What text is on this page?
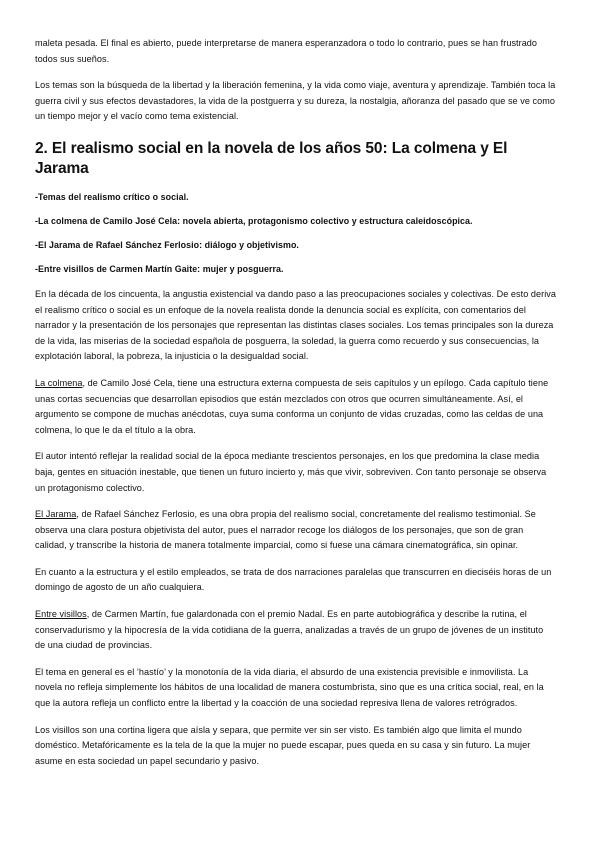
maleta pesada. El final es abierto, puede interpretarse de manera esperanzadora o todo lo contrario, pues se han frustrado todos sus sueños.

Los temas son la búsqueda de la libertad y la liberación femenina, y la vida como viaje, aventura y aprendizaje. También toca la guerra civil y sus efectos devastadores, la vida de la postguerra y su dureza, la nostalgia, añoranza del pasado que se ve como un tiempo mejor y el vacío como tema existencial.

2. El realismo social en la novela de los años 50: La colmena y El Jarama

-Temas del realismo crítico o social.

-La colmena de Camilo José Cela: novela abierta, protagonismo colectivo y estructura caleidoscópica.

-El Jarama de Rafael Sánchez Ferlosio: diálogo y objetivismo.

-Entre visillos de Carmen Martín Gaite: mujer y posguerra.

En la década de los cincuenta, la angustia existencial va dando paso a las preocupaciones sociales y colectivas. De esto deriva el realismo crítico o social es un enfoque de la novela realista donde la denuncia social es explícita, con comentarios del narrador y la presentación de los personajes que representan las distintas clases sociales. Los temas principales son la dureza de la vida, las miserias de la sociedad española de posguerra, la soledad, la guerra como recuerdo y sus consecuencias, la explotación laboral, la pobreza, la injusticia o la desigualdad social.

La colmena, de Camilo José Cela, tiene una estructura externa compuesta de seis capítulos y un epílogo. Cada capítulo tiene unas cortas secuencias que desarrollan episodios que están mezclados con otros que ocurren simultáneamente. Así, el argumento se compone de muchas anécdotas, cuya suma conforma un conjunto de vidas cruzadas, como las celdas de una colmena, lo que le da el título a la obra.

El autor intentó reflejar la realidad social de la época mediante trescientos personajes, en los que predomina la clase media baja, gentes en situación inestable, que tienen un futuro incierto y, más que vivir, sobreviven. Con tanto personaje se observa un protagonismo colectivo.

El Jarama, de Rafael Sánchez Ferlosio, es una obra propia del realismo social, concretamente del realismo testimonial. Se observa una clara postura objetivista del autor, pues el narrador recoge los diálogos de los personajes, que son de gran calidad, y transcribe la historia de manera totalmente imparcial, como si fuese una cámara cinematográfica, sin opinar.

En cuanto a la estructura y el estilo empleados, se trata de dos narraciones paralelas que transcurren en dieciséis horas de un domingo de agosto de un año cualquiera.

Entre visillos, de Carmen Martín, fue galardonada con el premio Nadal. Es en parte autobiográfica y describe la rutina, el conservadurismo y la hipocresía de la vida cotidiana de la guerra, analizadas a través de un grupo de jóvenes de un instituto de una ciudad de provincias.

El tema en general es el ‘hastío’ y la monotonía de la vida diaria, el absurdo de una existencia previsible e inmovilista. La novela no refleja simplemente los hábitos de una localidad de manera costumbrista, sino que es una crítica social, real, en la que la autora refleja un conflicto entre la libertad y la coacción de una sociedad represiva llena de valores retrógrados.

Los visillos son una cortina ligera que aísla y separa, que permite ver sin ser visto. Es también algo que limita el mundo doméstico. Metafóricamente es la tela de la que la mujer no puede escapar, pues queda en su casa y sin futuro. La mujer asume en esta sociedad un papel secundario y pasivo.
